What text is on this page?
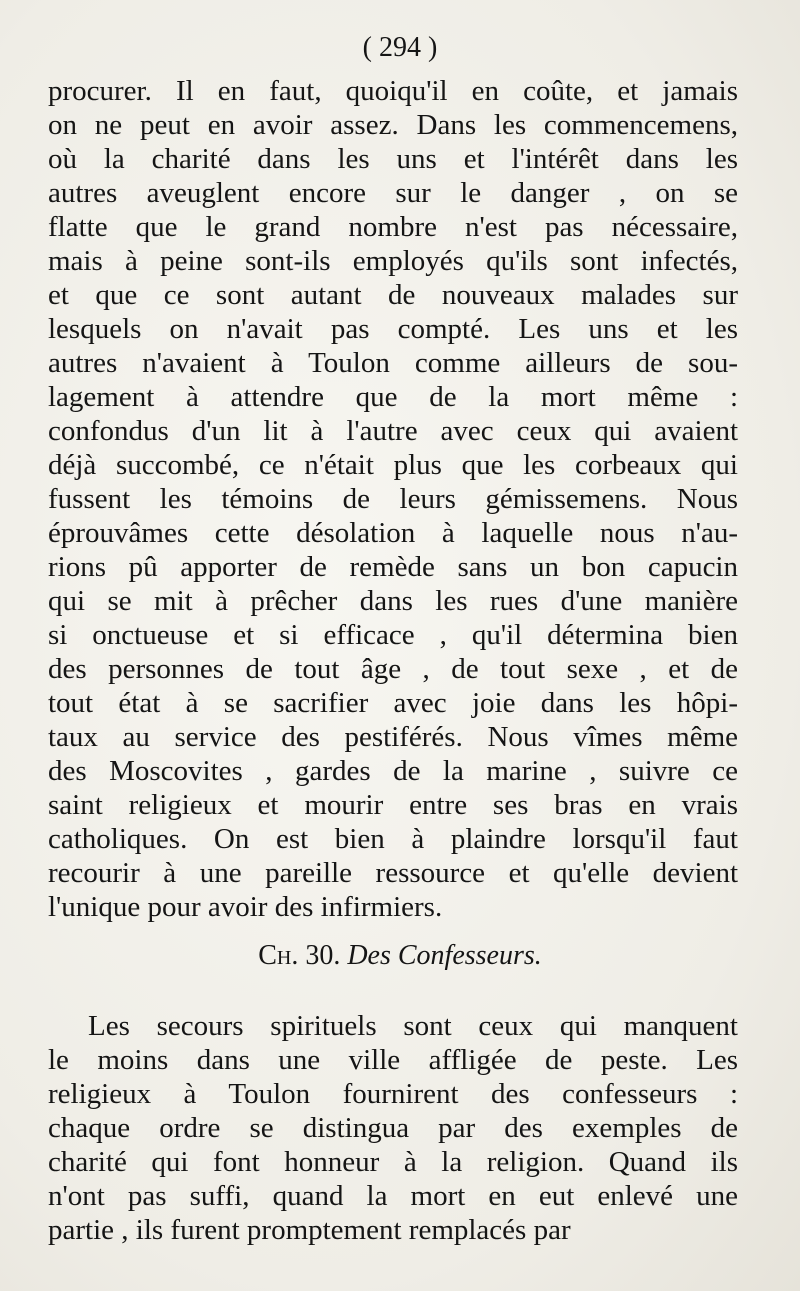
( 294 )
procurer. Il en faut, quoiqu'il en coûte, et jamais
on ne peut en avoir assez. Dans les commencemens,
où la charité dans les uns et l'intérêt dans les
autres aveuglent encore sur le danger , on se
flatte que le grand nombre n'est pas nécessaire,
mais à peine sont-ils employés qu'ils sont infectés,
et que ce sont autant de nouveaux malades sur
lesquels on n'avait pas compté. Les uns et les
autres n'avaient à Toulon comme ailleurs de sou-
lagement à attendre que de la mort même :
confondus d'un lit à l'autre avec ceux qui avaient
déjà succombé, ce n'était plus que les corbeaux qui
fussent les témoins de leurs gémissemens. Nous
éprouvâmes cette désolation à laquelle nous n'au-
rions pû apporter de remède sans un bon capucin
qui se mit à prêcher dans les rues d'une manière
si onctueuse et si efficace , qu'il détermina bien
des personnes de tout âge , de tout sexe , et de
tout état à se sacrifier avec joie dans les hôpi-
taux au service des pestiférés. Nous vîmes même
des Moscovites , gardes de la marine , suivre ce
saint religieux et mourir entre ses bras en vrais
catholiques. On est bien à plaindre lorsqu'il faut
recourir à une pareille ressource et qu'elle devient
l'unique pour avoir des infirmiers.
Ch. 30. Des Confesseurs.
Les secours spirituels sont ceux qui manquent
le moins dans une ville affligée de peste. Les
religieux à Toulon fournirent des confesseurs :
chaque ordre se distingua par des exemples de
charité qui font honneur à la religion. Quand ils
n'ont pas suffi, quand la mort en eut enlevé une
partie , ils furent promptement remplacés par
